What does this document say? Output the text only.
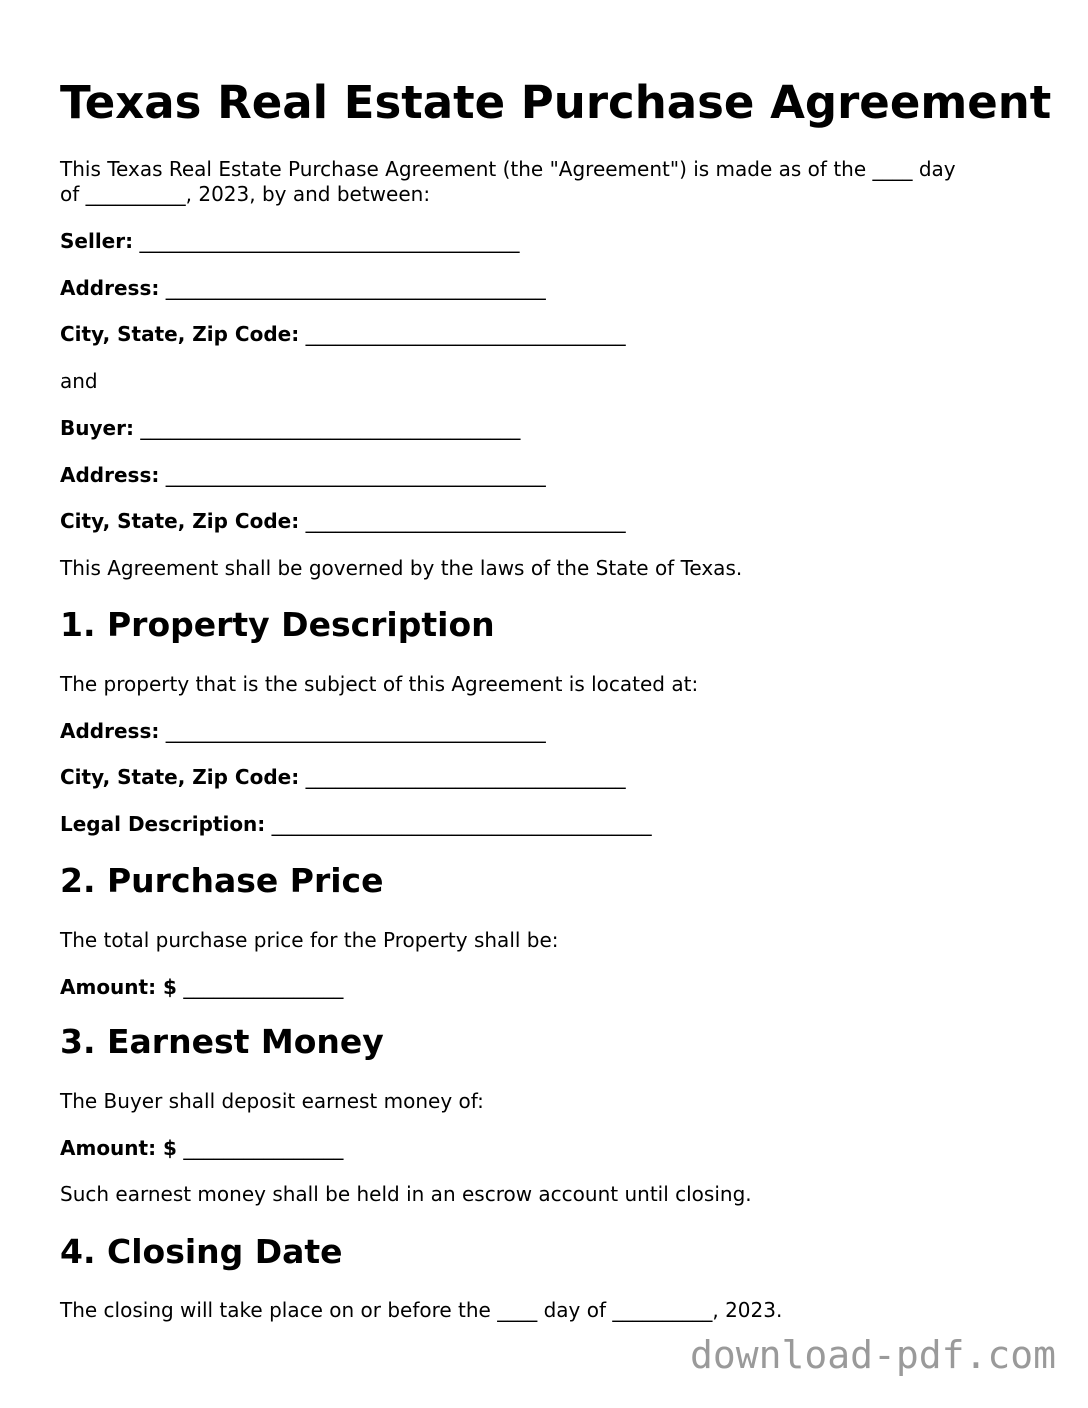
Texas Real Estate Purchase Agreement

This Texas Real Estate Purchase Agreement (the "Agreement") is made as of the ____ day

of __________, 2023, by and between:

Seller: ______________________________________
Address: ______________________________________
City, State, Zip Code: ________________________________

and

Buyer: ______________________________________
Address: ______________________________________
City, State, Zip Code: ________________________________

This Agreement shall be governed by the laws of the State of Texas.

1. Property Description

The property that is the subject of this Agreement is located at:

Address: ______________________________________
City, State, Zip Code: ________________________________
Legal Description: ______________________________________
2. Purchase Price

The total purchase price for the Property shall be:

Amount: $ ________________
3. Earnest Money

The Buyer shall deposit earnest money of:

Amount: $ ________________

Such earnest money shall be held in an escrow account until closing.

4. Closing Date

The closing will take place on or before the ____ day of __________, 2023.

download-pdf.com
